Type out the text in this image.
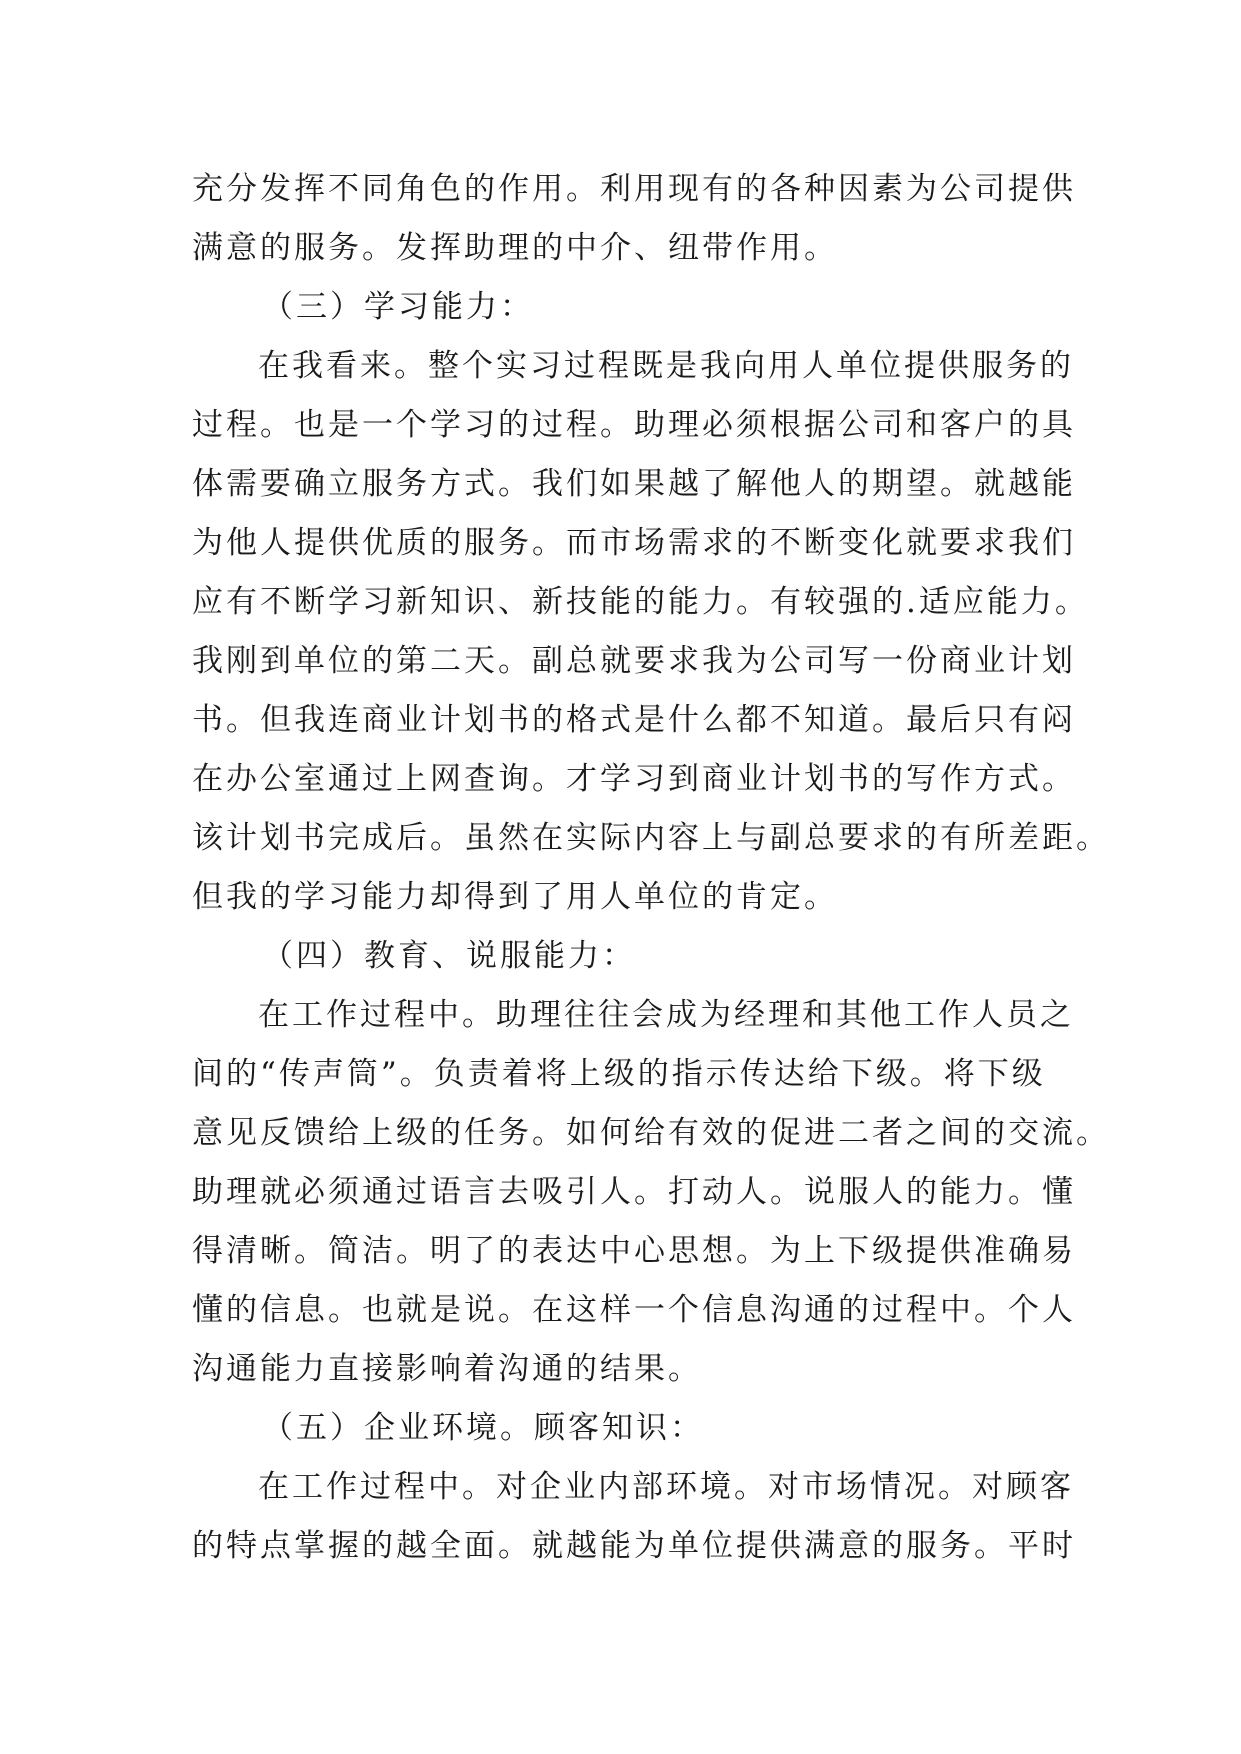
充分发挥不同角色的作用。利用现有的各种因素为公司提供
满意的服务。发挥助理的中介、纽带作用。
（三）学习能力：
在我看来。整个实习过程既是我向用人单位提供服务的
过程。也是一个学习的过程。助理必须根据公司和客户的具
体需要确立服务方式。我们如果越了解他人的期望。就越能
为他人提供优质的服务。而市场需求的不断变化就要求我们
应有不断学习新知识、新技能的能力。有较强的.适应能力。
我刚到单位的第二天。副总就要求我为公司写一份商业计划
书。但我连商业计划书的格式是什么都不知道。最后只有闷
在办公室通过上网查询。才学习到商业计划书的写作方式。
该计划书完成后。虽然在实际内容上与副总要求的有所差距。
但我的学习能力却得到了用人单位的肯定。
（四）教育、说服能力：
在工作过程中。助理往往会成为经理和其他工作人员之
间的“传声筒”。负责着将上级的指示传达给下级。将下级
意见反馈给上级的任务。如何给有效的促进二者之间的交流。
助理就必须通过语言去吸引人。打动人。说服人的能力。懂
得清晰。简洁。明了的表达中心思想。为上下级提供准确易
懂的信息。也就是说。在这样一个信息沟通的过程中。个人
沟通能力直接影响着沟通的结果。
（五）企业环境。顾客知识：
在工作过程中。对企业内部环境。对市场情况。对顾客
的特点掌握的越全面。就越能为单位提供满意的服务。平时
